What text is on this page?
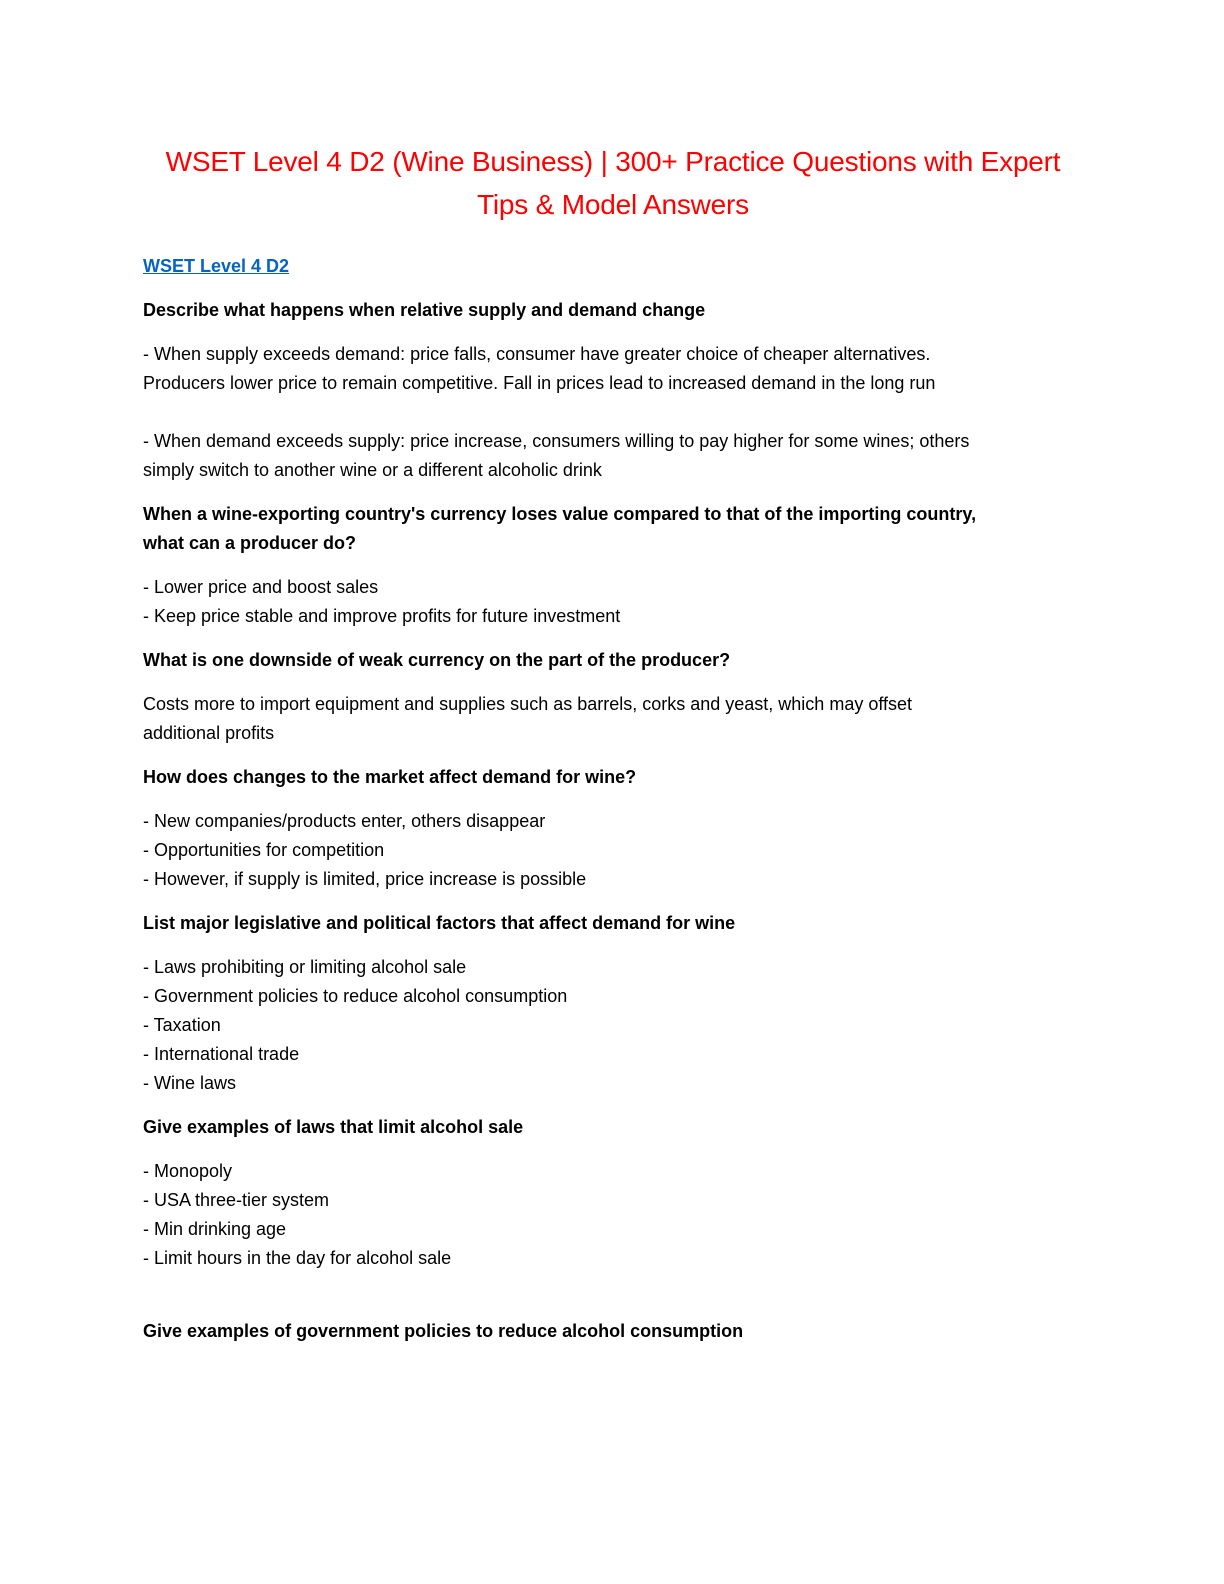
WSET Level 4 D2 (Wine Business) | 300+ Practice Questions with Expert Tips & Model Answers
WSET Level 4 D2

Describe what happens when relative supply and demand change

- When supply exceeds demand: price falls, consumer have greater choice of cheaper alternatives.
Producers lower price to remain competitive. Fall in prices lead to increased demand in the long run

- When demand exceeds supply: price increase, consumers willing to pay higher for some wines; others
simply switch to another wine or a different alcoholic drink

When a wine-exporting country's currency loses value compared to that of the importing country,
what can a producer do?

- Lower price and boost sales
- Keep price stable and improve profits for future investment

What is one downside of weak currency on the part of the producer?

Costs more to import equipment and supplies such as barrels, corks and yeast, which may offset
additional profits

How does changes to the market affect demand for wine?

- New companies/products enter, others disappear
- Opportunities for competition
- However, if supply is limited, price increase is possible

List major legislative and political factors that affect demand for wine

- Laws prohibiting or limiting alcohol sale
- Government policies to reduce alcohol consumption
- Taxation
- International trade
- Wine laws

Give examples of laws that limit alcohol sale

- Monopoly
- USA three-tier system
- Min drinking age
- Limit hours in the day for alcohol sale

Give examples of government policies to reduce alcohol consumption
